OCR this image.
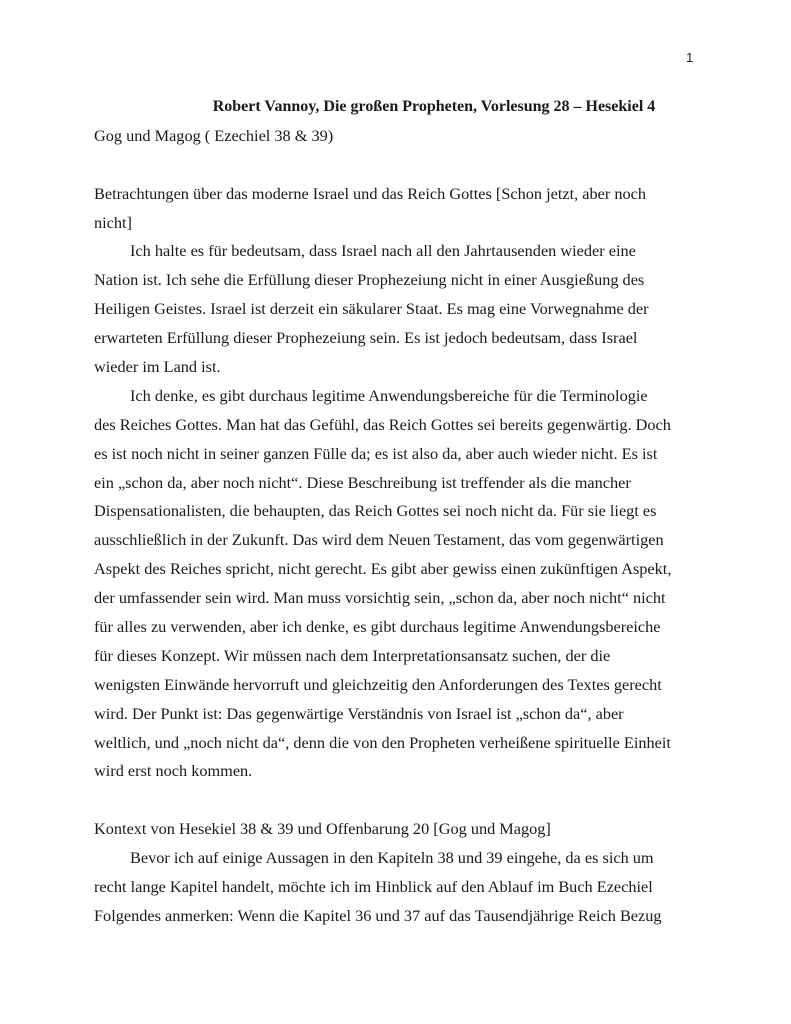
1
Robert Vannoy, Die großen Propheten, Vorlesung 28 – Hesekiel 4
Gog und Magog ( Ezechiel 38 & 39)
Betrachtungen über das moderne Israel und das Reich Gottes [Schon jetzt, aber noch
nicht]
Ich halte es für bedeutsam, dass Israel nach all den Jahrtausenden wieder eine
Nation ist. Ich sehe die Erfüllung dieser Prophezeiung nicht in einer Ausgießung des
Heiligen Geistes. Israel ist derzeit ein säkularer Staat. Es mag eine Vorwegnahme der
erwarteten Erfüllung dieser Prophezeiung sein. Es ist jedoch bedeutsam, dass Israel
wieder im Land ist.
Ich denke, es gibt durchaus legitime Anwendungsbereiche für die Terminologie
des Reiches Gottes. Man hat das Gefühl, das Reich Gottes sei bereits gegenwärtig. Doch
es ist noch nicht in seiner ganzen Fülle da; es ist also da, aber auch wieder nicht. Es ist
ein „schon da, aber noch nicht“. Diese Beschreibung ist treffender als die mancher
Dispensationalisten, die behaupten, das Reich Gottes sei noch nicht da. Für sie liegt es
ausschließlich in der Zukunft. Das wird dem Neuen Testament, das vom gegenwärtigen
Aspekt des Reiches spricht, nicht gerecht. Es gibt aber gewiss einen zukünftigen Aspekt,
der umfassender sein wird. Man muss vorsichtig sein, „schon da, aber noch nicht“ nicht
für alles zu verwenden, aber ich denke, es gibt durchaus legitime Anwendungsbereiche
für dieses Konzept. Wir müssen nach dem Interpretationsansatz suchen, der die
wenigsten Einwände hervorruft und gleichzeitig den Anforderungen des Textes gerecht
wird. Der Punkt ist: Das gegenwärtige Verständnis von Israel ist „schon da“, aber
weltlich, und „noch nicht da“, denn die von den Propheten verheißene spirituelle Einheit
wird erst noch kommen.
Kontext von Hesekiel 38 & 39 und Offenbarung 20 [Gog und Magog]
Bevor ich auf einige Aussagen in den Kapiteln 38 und 39 eingehe, da es sich um
recht lange Kapitel handelt, möchte ich im Hinblick auf den Ablauf im Buch Ezechiel
Folgendes anmerken: Wenn die Kapitel 36 und 37 auf das Tausendjährige Reich Bezug
